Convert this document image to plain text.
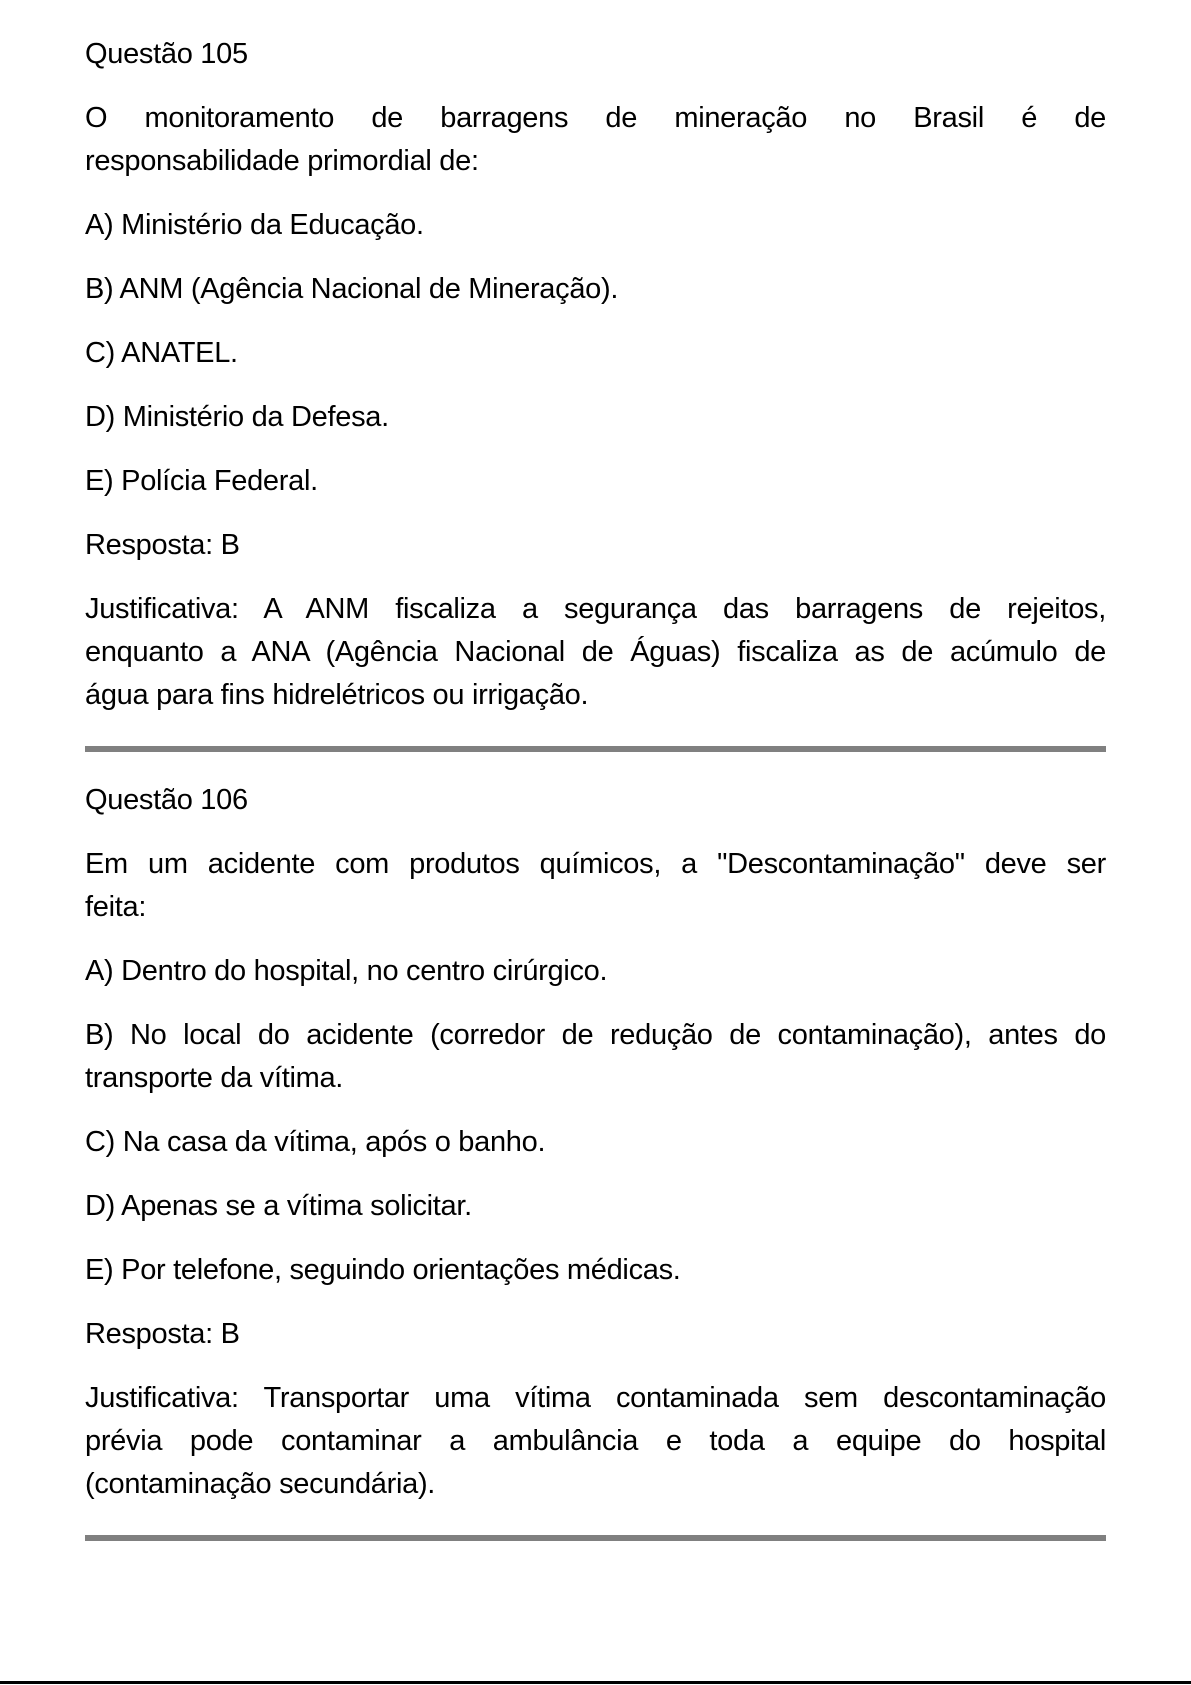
Questão 105

O monitoramento de barragens de mineração no Brasil é de
responsabilidade primordial de:

A) Ministério da Educação.

B) ANM (Agência Nacional de Mineração).

C) ANATEL.

D) Ministério da Defesa.

E) Polícia Federal.

Resposta: B

Justificativa: A ANM fiscaliza a segurança das barragens de rejeitos,
enquanto a ANA (Agência Nacional de Águas) fiscaliza as de acúmulo de
água para fins hidrelétricos ou irrigação.

Questão 106

Em um acidente com produtos químicos, a "Descontaminação" deve ser
feita:

A) Dentro do hospital, no centro cirúrgico.

B) No local do acidente (corredor de redução de contaminação), antes do
transporte da vítima.

C) Na casa da vítima, após o banho.

D) Apenas se a vítima solicitar.

E) Por telefone, seguindo orientações médicas.

Resposta: B

Justificativa: Transportar uma vítima contaminada sem descontaminação
prévia pode contaminar a ambulância e toda a equipe do hospital
(contaminação secundária).
